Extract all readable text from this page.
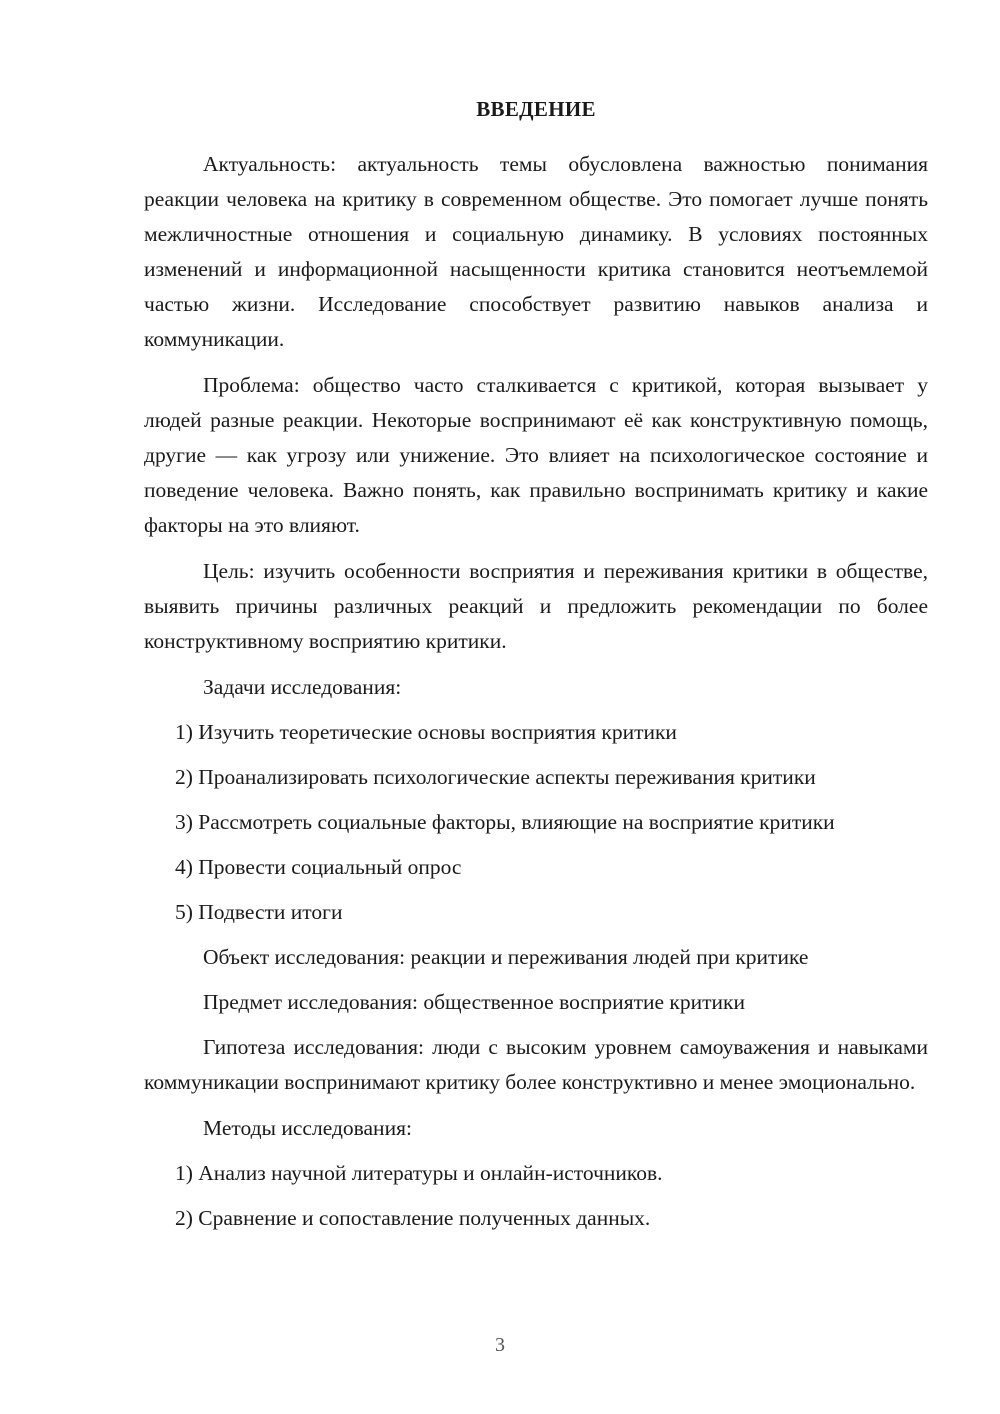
ВВЕДЕНИЕ

Актуальность: актуальность темы обусловлена важностью понимания реакции человека на критику в современном обществе. Это помогает лучше понять межличностные отношения и социальную динамику. В условиях постоянных изменений и информационной насыщенности критика становится неотъемлемой частью жизни. Исследование способствует развитию навыков анализа и коммуникации.

Проблема: общество часто сталкивается с критикой, которая вызывает у людей разные реакции. Некоторые воспринимают её как конструктивную помощь, другие — как угрозу или унижение. Это влияет на психологическое состояние и поведение человека. Важно понять, как правильно воспринимать критику и какие факторы на это влияют.

Цель: изучить особенности восприятия и переживания критики в обществе, выявить причины различных реакций и предложить рекомендации по более конструктивному восприятию критики.

Задачи исследования:

1) Изучить теоретические основы восприятия критики

2) Проанализировать психологические аспекты переживания критики

3) Рассмотреть социальные факторы, влияющие на восприятие критики

4) Провести социальный опрос

5) Подвести итоги

Объект исследования: реакции и переживания людей при критике

Предмет исследования: общественное восприятие критики

Гипотеза исследования: люди с высоким уровнем самоуважения и навыками коммуникации воспринимают критику более конструктивно и менее эмоционально.

Методы исследования:

1) Анализ научной литературы и онлайн-источников.

2) Сравнение и сопоставление полученных данных.

3
